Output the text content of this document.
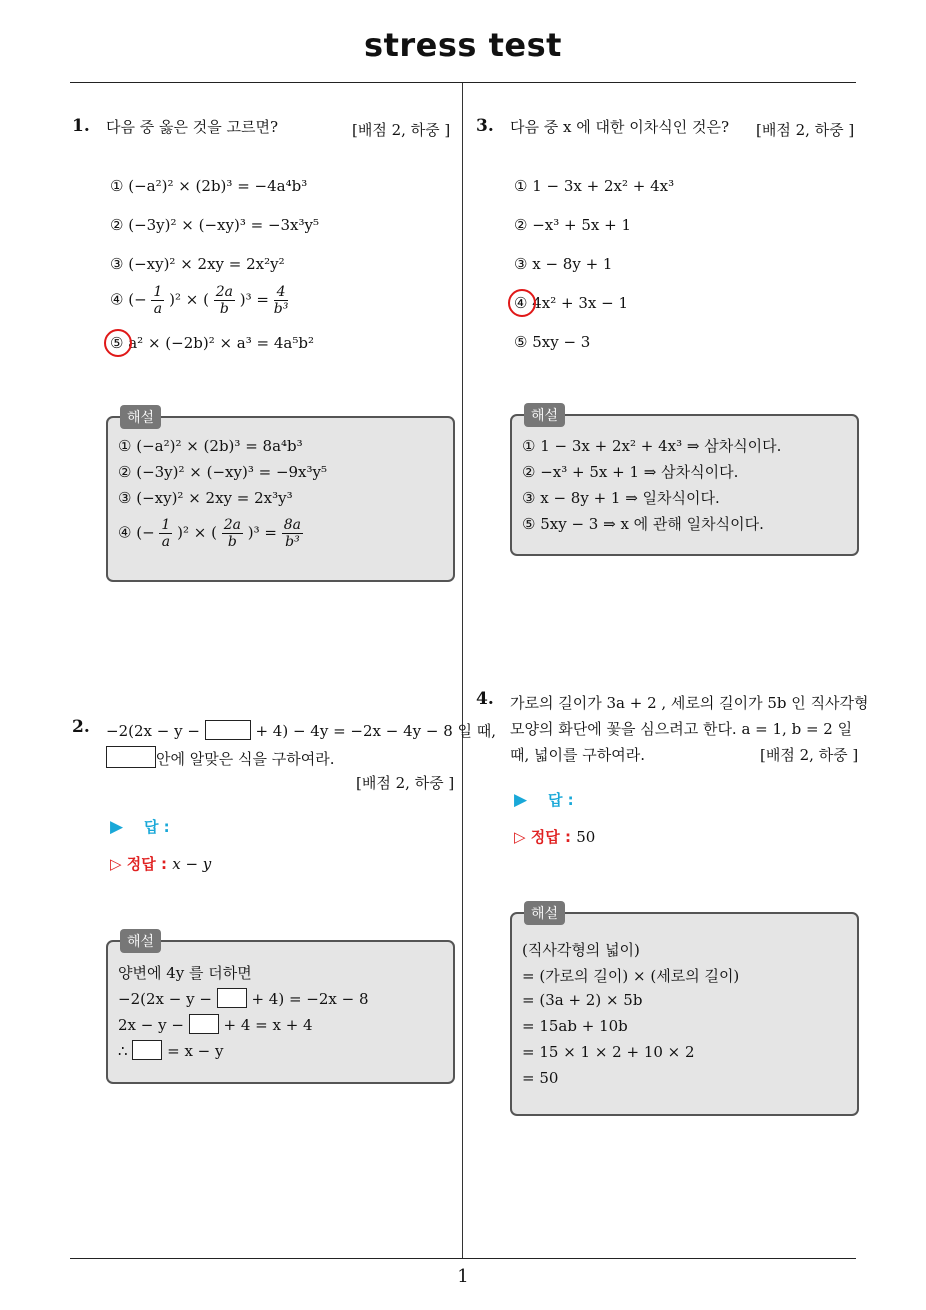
stress test
1
1. 다음 중 옳은 것을 고르면?	[배점 2, 하중 ]
① (−a²)² × (2b)³ = −4a⁴b³
② (−3y)² × (−xy)³ = −3x³y⁵
③ (−xy)² × 2xy = 2x²y²
④ (− $\frac{1}{a} )^2$ × ( $\frac{2a}{b} )^3 = \frac{4}{\text{b³}}$
⑤ a² × (−2b)² × a³ = 4a⁵b²
해설
① (−a²)² × (2b)³ = 8a⁴b³
② (−3y)² × (−xy)³ = −9x³y⁵
③ (−xy)² × 2xy = 2x³y³
④ (− $\frac{1}{a} )^2$ × ( $\frac{2a}{b} )^3 = \frac{8a}{\text{b³}}$
2. −2(2x − y −	+ 4) − 4y = −2x − 4y − 8 일 때,
안에 알맞은 식을 구하여라.
[배점 2, 하중 ]
▶ 답 :
▷ 정답 : x − y
해설
양변에 4y 를 더하면
−2(2x − y −	+ 4) = −2x − 8
2x − y −	+ 4 = x + 4
∴	= x − y
3. 다음 중 x 에 대한 이차식인 것은? [배점 2, 하중 ]
① 1 − 3x + 2x² + 4x³
② −x³ + 5x + 1
③ x − 8y + 1
④ 4x² + 3x − 1
⑤ 5xy − 3
해설
① 1 − 3x + 2x² + 4x³ ⇒ 삼차식이다.
② −x³ + 5x + 1 ⇒ 삼차식이다.
③ x − 8y + 1 ⇒ 일차식이다.
⑤ 5xy − 3 ⇒ x 에 관해 일차식이다.
4. 가로의 길이가 3a + 2 , 세로의 길이가 5b 인 직사각형
모양의 화단에 꽃을 심으려고 한다. a = 1, b = 2 일
때, 넓이를 구하여라.	[배점 2, 하중 ]
▶ 답 :
▷ 정답 : 50
해설
(직사각형의 넓이)
= (가로의 길이) × (세로의 길이)
= (3a + 2) × 5b
= 15ab + 10b
= 15 × 1 × 2 + 10 × 2
= 50
